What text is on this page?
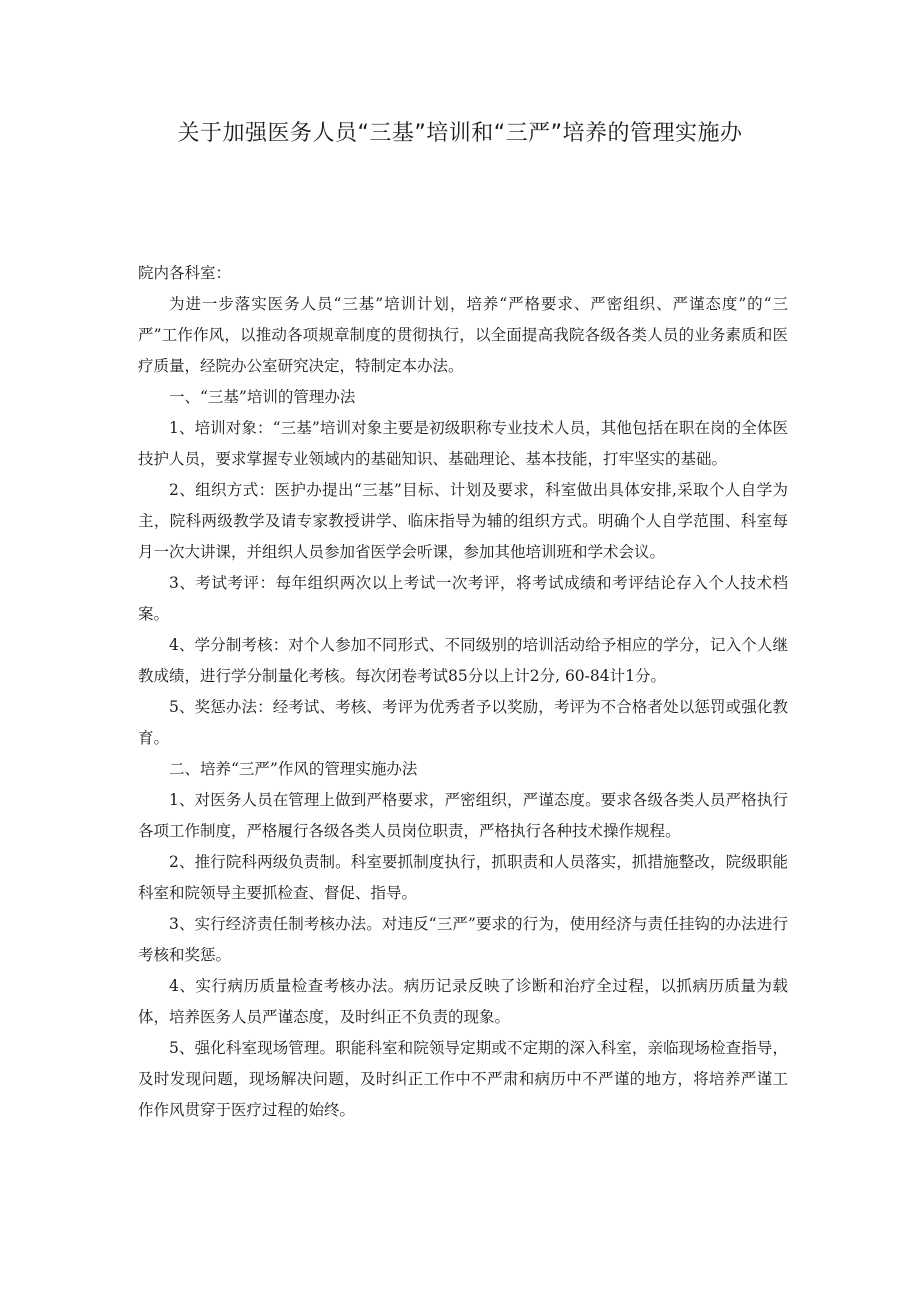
关于加强医务人员“三基”培训和“三严”培养的管理实施办

院内各科室：

为进一步落实医务人员“三基”培训计划，培养“严格要求、严密组织、严谨态度”的“三严”工作作风，以推动各项规章制度的贯彻执行，以全面提高我院各级各类人员的业务素质和医疗质量，经院办公室研究决定，特制定本办法。

一、“三基”培训的管理办法

1、培训对象：“三基”培训对象主要是初级职称专业技术人员，其他包括在职在岗的全体医技护人员，要求掌握专业领域内的基础知识、基础理论、基本技能，打牢坚实的基础。

2、组织方式：医护办提出“三基”目标、计划及要求，科室做出具体安排,采取个人自学为主，院科两级教学及请专家教授讲学、临床指导为辅的组织方式。明确个人自学范围、科室每月一次大讲课，并组织人员参加省医学会听课，参加其他培训班和学术会议。

3、考试考评：每年组织两次以上考试一次考评，将考试成绩和考评结论存入个人技术档案。

4、学分制考核：对个人参加不同形式、不同级别的培训活动给予相应的学分，记入个人继教成绩，进行学分制量化考核。每次闭卷考试85分以上计2分, 60-84计1分。

5、奖惩办法：经考试、考核、考评为优秀者予以奖励，考评为不合格者处以惩罚或强化教育。

二、培养“三严”作风的管理实施办法

1、对医务人员在管理上做到严格要求，严密组织，严谨态度。要求各级各类人员严格执行各项工作制度，严格履行各级各类人员岗位职责，严格执行各种技术操作规程。

2、推行院科两级负责制。科室要抓制度执行，抓职责和人员落实，抓措施整改，院级职能科室和院领导主要抓检查、督促、指导。

3、实行经济责任制考核办法。对违反“三严”要求的行为，使用经济与责任挂钩的办法进行考核和奖惩。

4、实行病历质量检查考核办法。病历记录反映了诊断和治疗全过程，以抓病历质量为载体，培养医务人员严谨态度，及时纠正不负责的现象。

5、强化科室现场管理。职能科室和院领导定期或不定期的深入科室，亲临现场检查指导，及时发现问题，现场解决问题，及时纠正工作中不严肃和病历中不严谨的地方，将培养严谨工作作风贯穿于医疗过程的始终。
